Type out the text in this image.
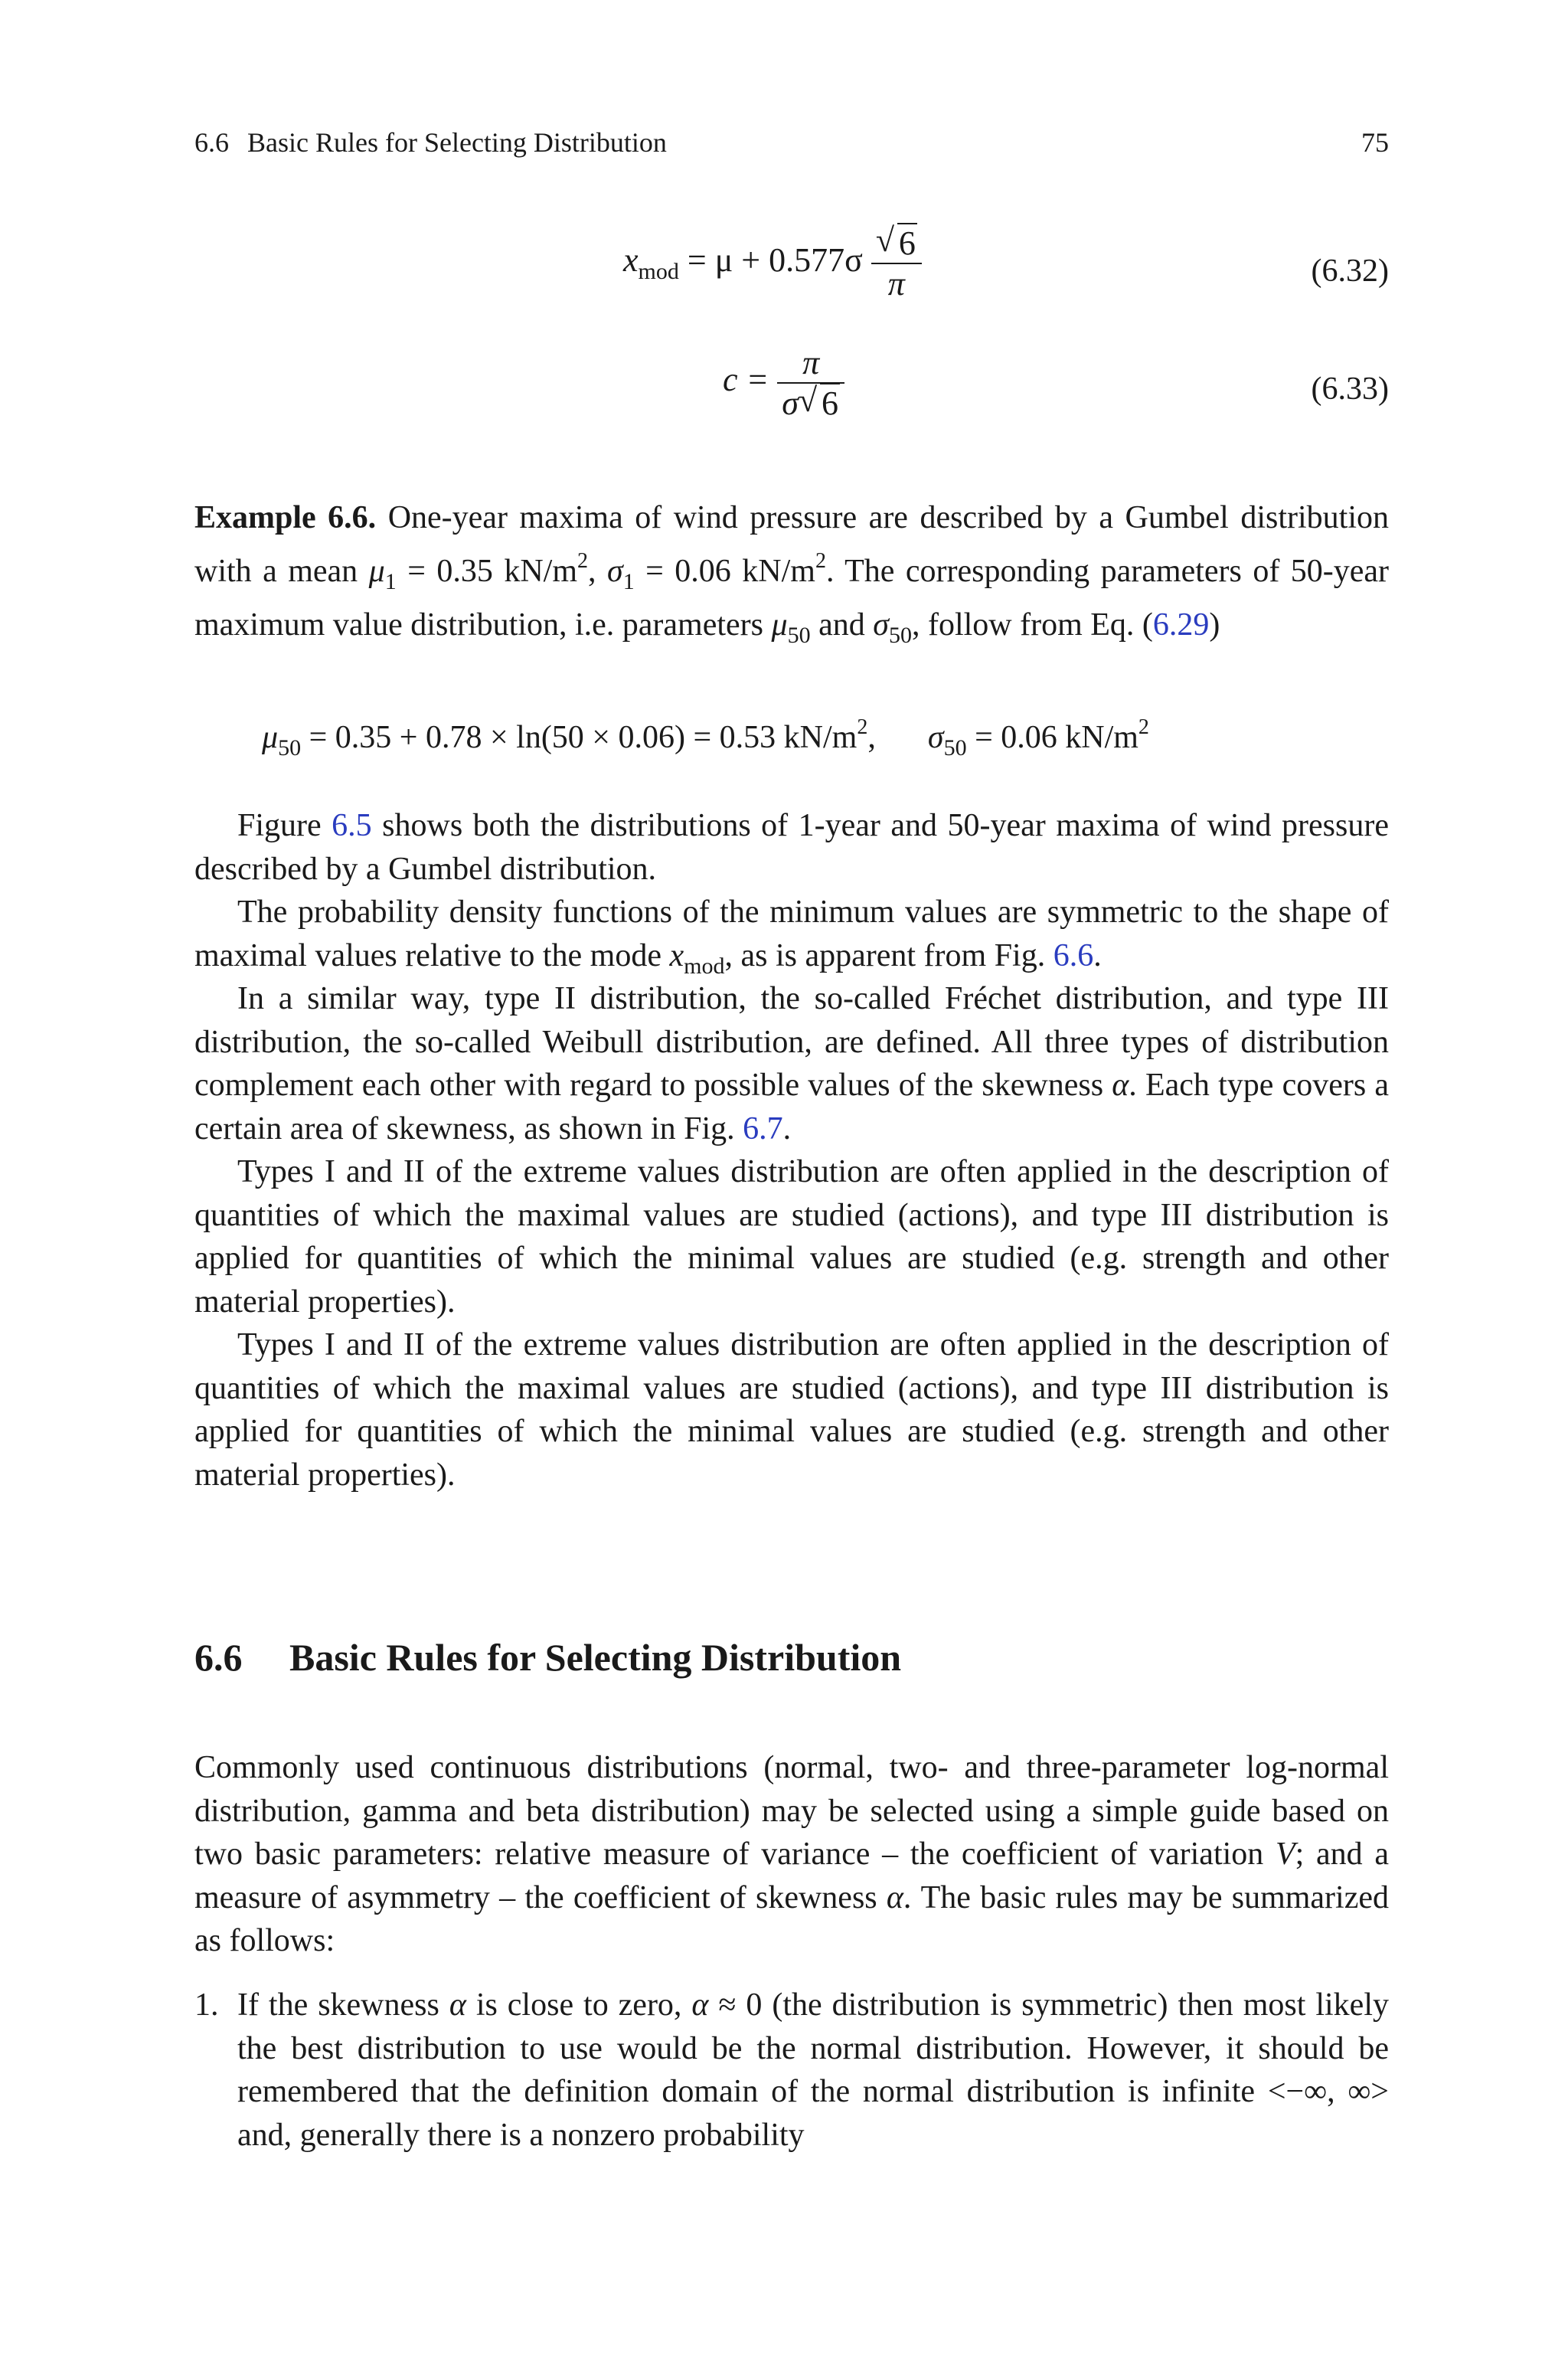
6.6 Basic Rules for Selecting Distribution	75
$x_{mod} = \mu + 0.577\sigma \frac{√ 6}{\pi}$	(6.32)
$c = \frac{\pi}{\sigma √ 6}$	(6.33)
Example 6.6. One-year maxima of wind pressure are described by a Gumbel distribution with a mean $\mu_1 = 0.35$ $kN/m^2$, $\sigma_1 = 0.06$ $kN/m^2$. The corresponding parameters of 50-year maximum value distribution, i.e. parameters $\mu_{50}$ and $\sigma_{50}$, follow from Eq. (6.29)
$\mu_{50} = 0.35 + 0.78 \times \ln(50 \times 0.06) = 0.53$ $kN/m^2$, $\sigma_{50} = 0.06$ $kN/m^2$
Figure 6.5 shows both the distributions of 1-year and 50-year maxima of wind pressure described by a Gumbel distribution.
The probability density functions of the minimum values are symmetric to the shape of maximal values relative to the mode $x_{mod}$, as is apparent from Fig. 6.6.
In a similar way, type II distribution, the so-called Fréchet distribution, and type III distribution, the so-called Weibull distribution, are defined. All three types of distribution complement each other with regard to possible values of the skewness α. Each type covers a certain area of skewness, as shown in Fig. 6.7.
Types I and II of the extreme values distribution are often applied in the description of quantities of which the maximal values are studied (actions), and type III distribution is applied for quantities of which the minimal values are studied (e.g. strength and other material properties).
Types I and II of the extreme values distribution are often applied in the description of quantities of which the maximal values are studied (actions), and type III distribution is applied for quantities of which the minimal values are studied (e.g. strength and other material properties).
6.6 Basic Rules for Selecting Distribution
Commonly used continuous distributions (normal, two- and three-parameter log-normal distribution, gamma and beta distribution) may be selected using a simple guide based on two basic parameters: relative measure of variance – the coefficient of variation V; and a measure of asymmetry – the coefficient of skewness α. The basic rules may be summarized as follows:
1. If the skewness α is close to zero, α ≈ 0 (the distribution is symmetric) then most likely the best distribution to use would be the normal distribution. However, it should be remembered that the definition domain of the normal distribution is infinite <−∞, ∞> and, generally there is a nonzero probability
